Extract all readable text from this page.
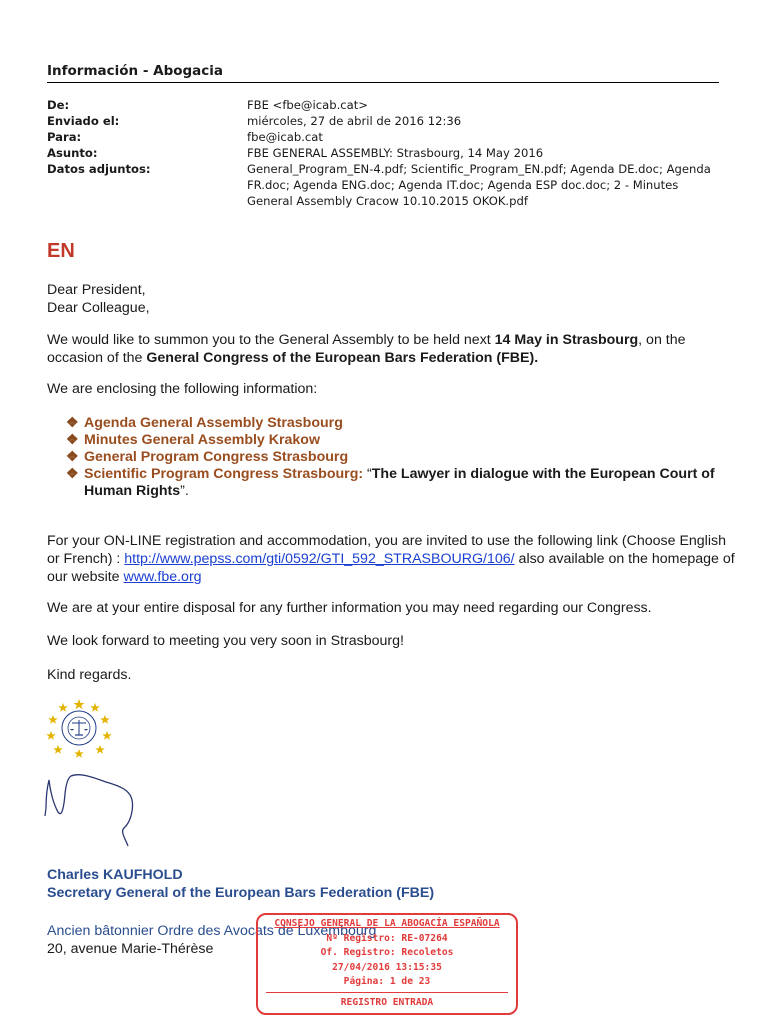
Información - Abogacia
De:	FBE <fbe@icab.cat>
Enviado el:	miércoles, 27 de abril de 2016 12:36
Para:	fbe@icab.cat
Asunto:	FBE GENERAL ASSEMBLY: Strasbourg, 14 May 2016
Datos adjuntos:	General_Program_EN-4.pdf; Scientific_Program_EN.pdf; Agenda DE.doc; Agenda FR.doc; Agenda ENG.doc; Agenda IT.doc; Agenda ESP doc.doc; 2 - Minutes General Assembly Cracow 10.10.2015 OKOK.pdf
EN
Dear President,
Dear Colleague,
We would like to summon you to the General Assembly to be held next 14 May in Strasbourg, on the occasion of the General Congress of the European Bars Federation (FBE).
We are enclosing the following information:
❖ Agenda General Assembly Strasbourg
❖ Minutes General Assembly Krakow
❖ General Program Congress Strasbourg
❖ Scientific Program Congress Strasbourg: “The Lawyer in dialogue with the European Court of Human Rights”.
For your ON-LINE registration and accommodation, you are invited to use the following link (Choose English or French) : http://www.pepss.com/gti/0592/GTI_592_STRASBOURG/106/ also available on the homepage of our website www.fbe.org
We are at your entire disposal for any further information you may need regarding our Congress.
We look forward to meeting you very soon in Strasbourg!
Kind regards.
Charles KAUFHOLD
Secretary General of the European Bars Federation (FBE)
Ancien bâtonnier Ordre des Avocats de Luxembourg
20, avenue Marie-Thérèse
CONSEJO GENERAL DE LA ABOGACÍA ESPAÑOLA
Nº Registro: RE-07264
Of. Registro: Recoletos
27/04/2016 13:15:35
Página: 1 de 23
REGISTRO ENTRADA
